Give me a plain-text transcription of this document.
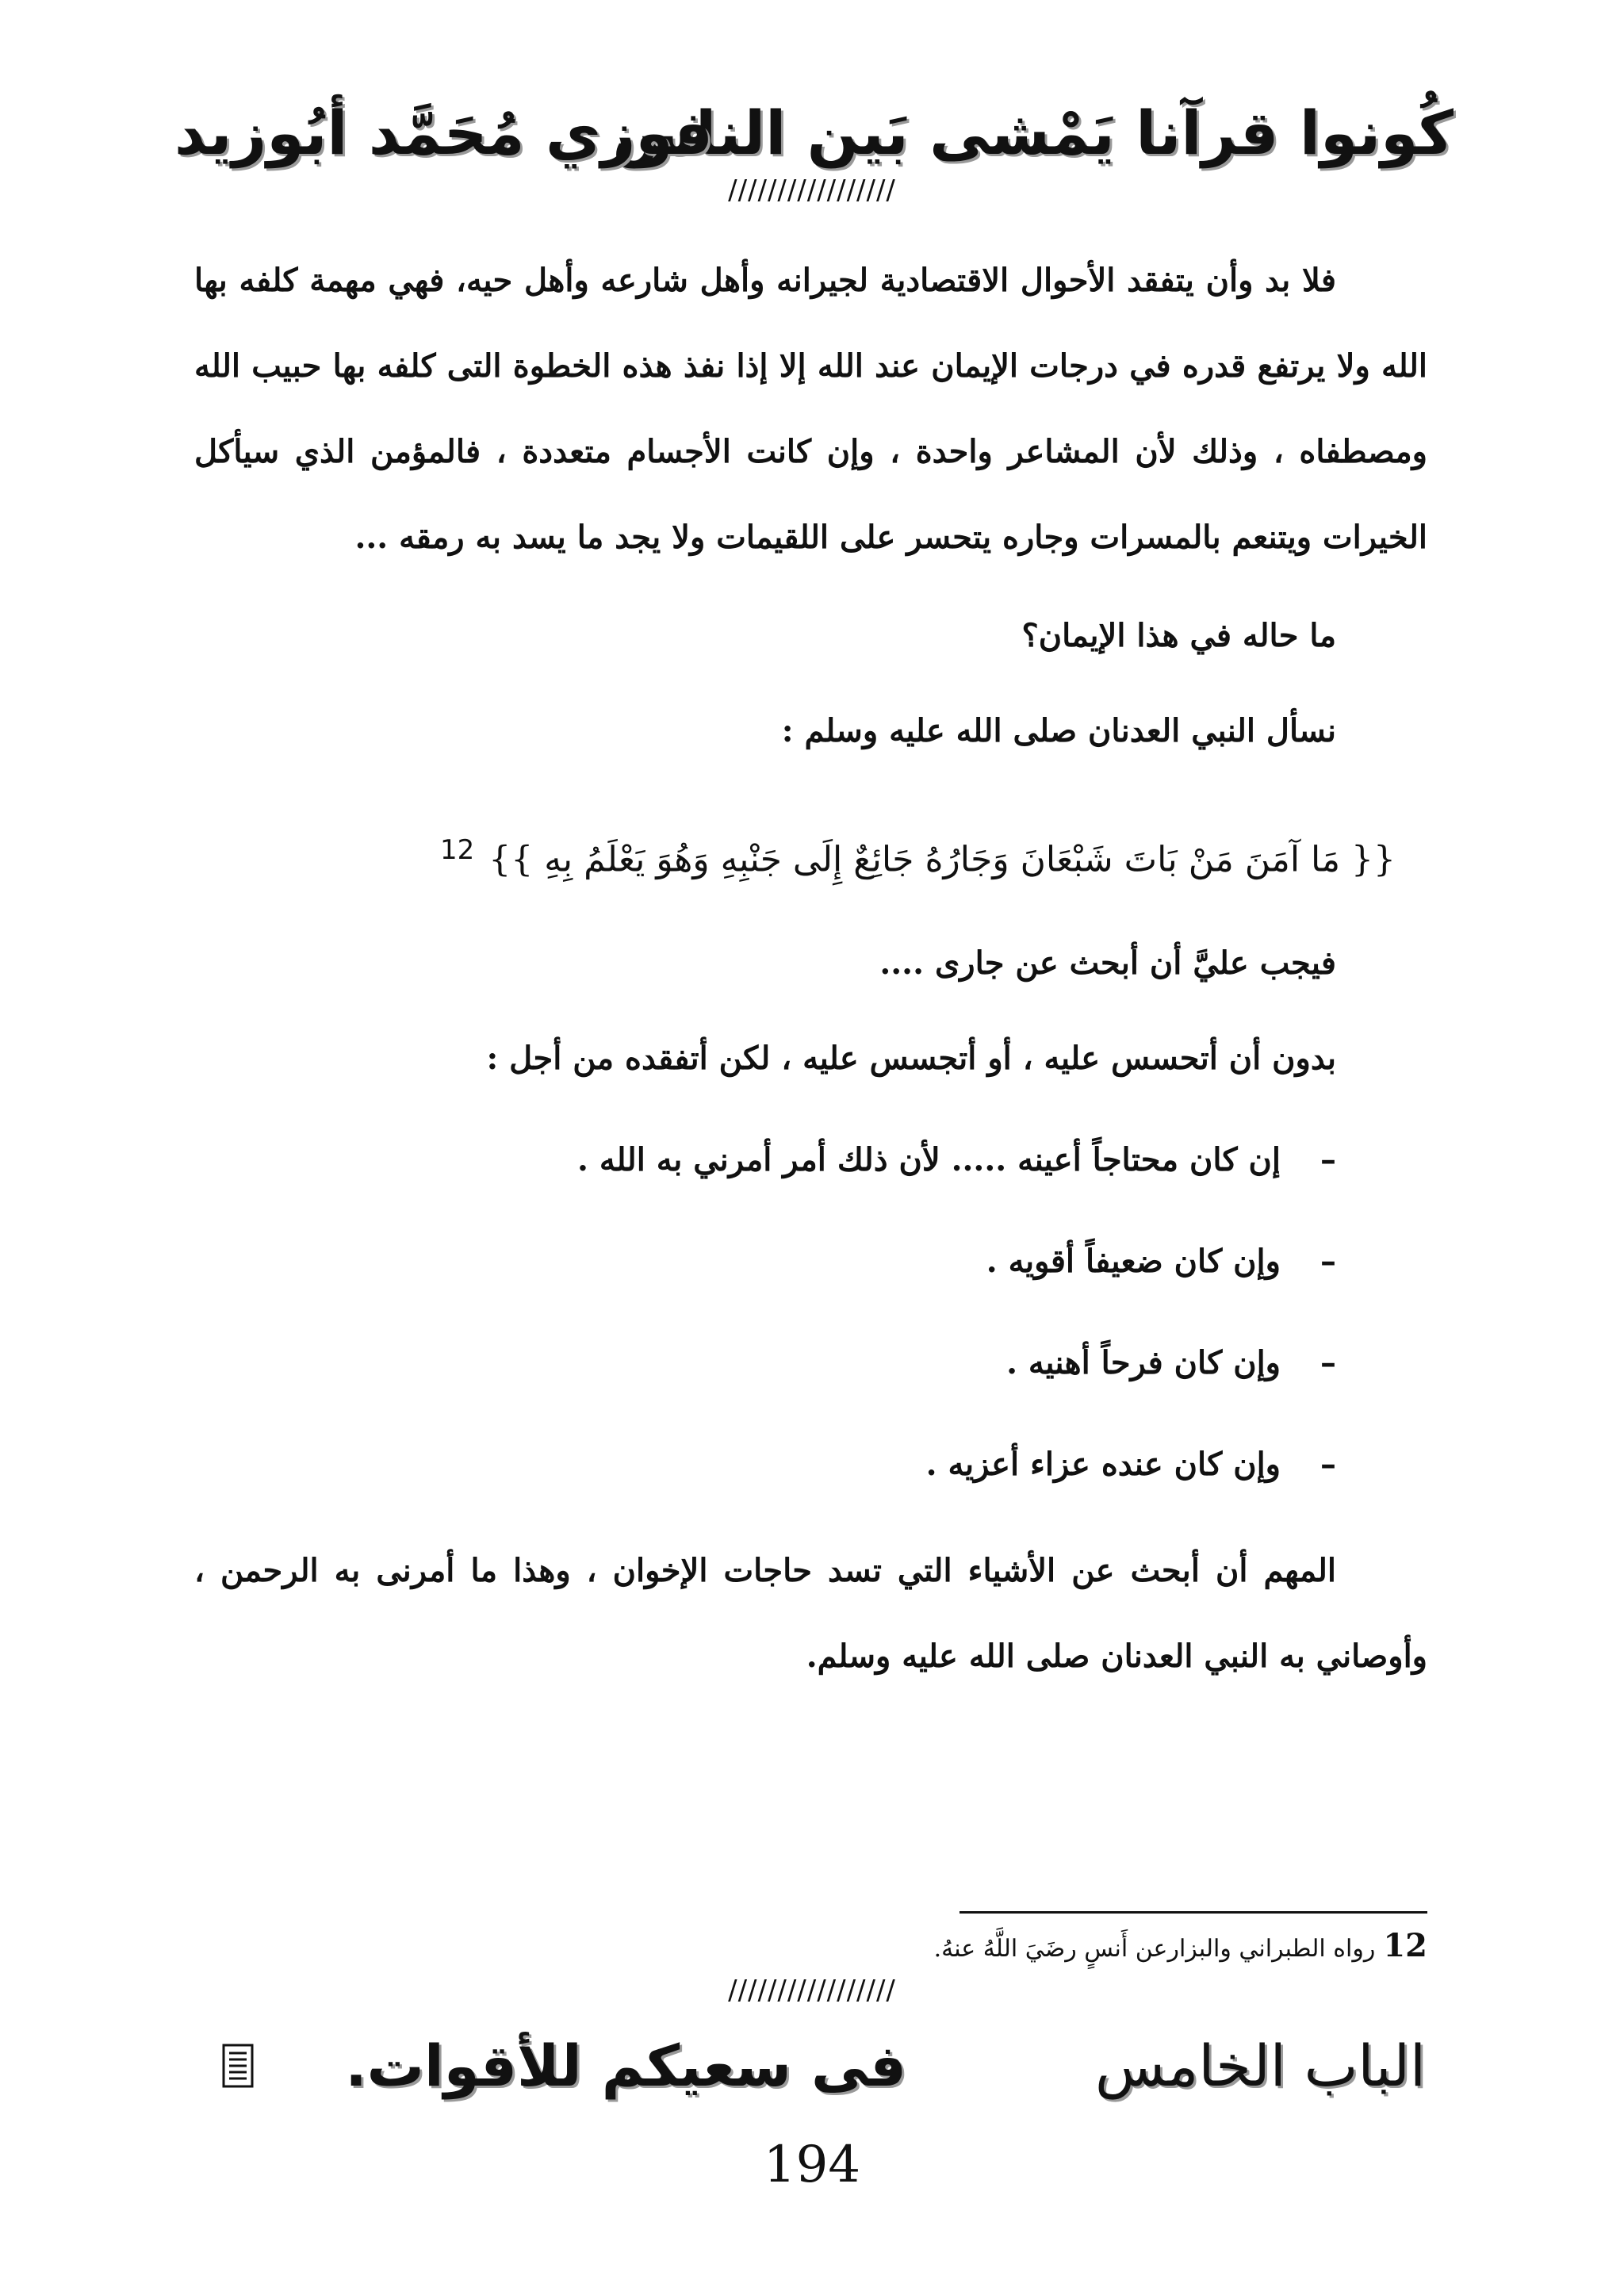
كُونوا قرآنا يَمْشى بَين الناس
فوزي مُحَمَّد أبُوزيد
/////////////////

فلا بد وأن يتفقد الأحوال الاقتصادية لجيرانه وأهل شارعه وأهل حيه، فهي مهمة كلفه بها الله ولا يرتفع قدره في درجات الإيمان عند الله إلا إذا نفذ هذه الخطوة التى كلفه بها حبيب الله ومصطفاه ، وذلك لأن المشاعر واحدة ، وإن كانت الأجسام متعددة ، فالمؤمن الذي سيأكل الخيرات ويتنعم بالمسرات وجاره يتحسر على اللقيمات ولا يجد ما يسد به رمقه ...

ما حاله في هذا الإيمان؟

نسأل النبي العدنان صلى الله عليه وسلم :

{{ مَا آمَنَ مَنْ بَاتَ شَبْعَانَ وَجَارُهُ جَائِعٌ إِلَى جَنْبِهِ وَهُوَ يَعْلَمُ بِهِ }}$^{12}$

فيجب عليَّ أن أبحث عن جارى ....

بدون أن أتحسس عليه ، أو أتجسس عليه ، لكن أتفقده من أجل :

–إن كان محتاجاً أعينه ..... لأن ذلك أمر أمرني به الله .

–وإن كان ضعيفاً أقويه .

–وإن كان فرحاً أهنيه .

–وإن كان عنده عزاء أعزيه .

المهم أن أبحث عن الأشياء التي تسد حاجات الإخوان ، وهذا ما أمرنى به الرحمن ، وأوصاني به النبي العدنان صلى الله عليه وسلم.

12رواه الطبراني والبزارعن أَنسٍ رضَيَ اللَّهُ عنهُ.
/////////////////
الباب الخامس
فى سعيكم للأقوات.
194
